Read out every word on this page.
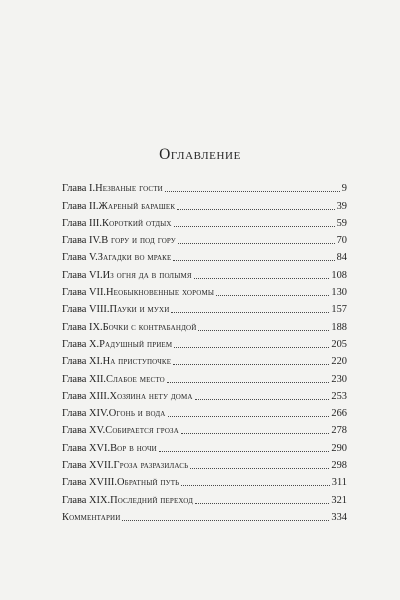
Оглавление
Глава I. Незваные гости	9
Глава II. Жареный барашек	39
Глава III. Короткий отдых	59
Глава IV. В гору и под гору	70
Глава V. Загадки во мраке	84
Глава VI. Из огня да в полымя	108
Глава VII. Необыкновенные хоромы	130
Глава VIII. Пауки и мухи	157
Глава IX. Бочки с контрабандой	188
Глава X. Радушный прием	205
Глава XI. На приступочке	220
Глава XII. Слабое место	230
Глава XIII. Хозяина нету дома	253
Глава XIV. Огонь и вода	266
Глава XV. Собирается гроза	278
Глава XVI. Вор в ночи	290
Глава XVII. Гроза разразилась	298
Глава XVIII. Обратный путь	311
Глава XIX. Последний переход	321
Комментарии	334
